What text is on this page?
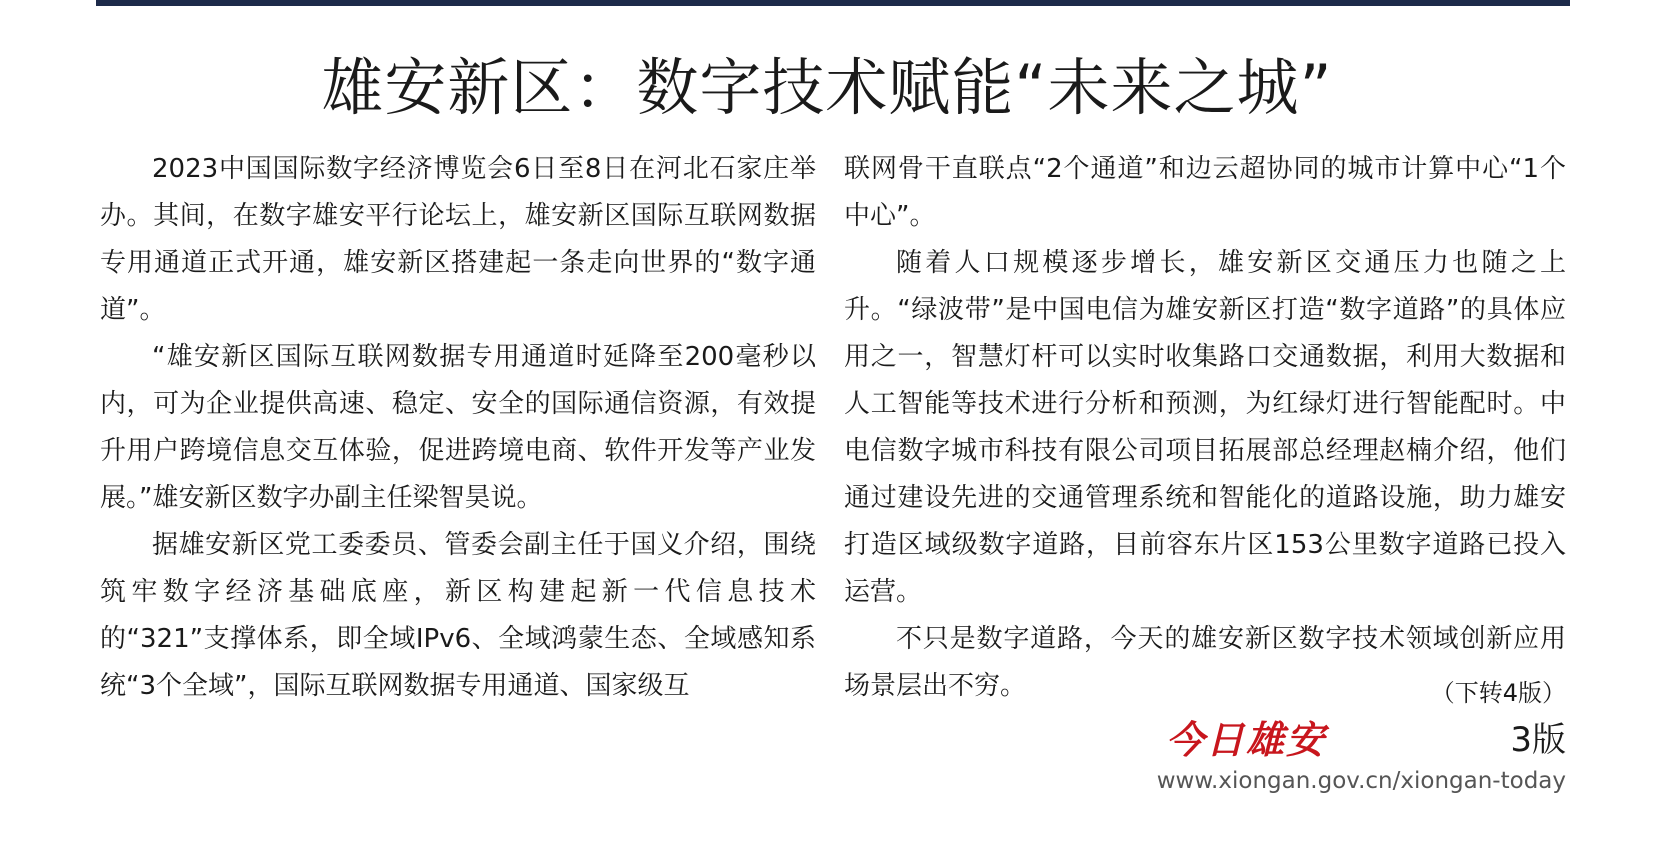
雄安新区：数字技术赋能“未来之城”

2023中国国际数字经济博览会6日至8日在河北石家庄举办。其间，在数字雄安平行论坛上，雄安新区国际互联网数据专用通道正式开通，雄安新区搭建起一条走向世界的“数字通道”。

“雄安新区国际互联网数据专用通道时延降至200毫秒以内，可为企业提供高速、稳定、安全的国际通信资源，有效提升用户跨境信息交互体验，促进跨境电商、软件开发等产业发展。”雄安新区数字办副主任梁智昊说。

据雄安新区党工委委员、管委会副主任于国义介绍，围绕筑牢数字经济基础底座，新区构建起新一代信息技术的“321”支撑体系，即全域IPv6、全域鸿蒙生态、全域感知系统“3个全域”，国际互联网数据专用通道、国家级互

联网骨干直联点“2个通道”和边云超协同的城市计算中心“1个中心”。

随着人口规模逐步增长，雄安新区交通压力也随之上升。“绿波带”是中国电信为雄安新区打造“数字道路”的具体应用之一，智慧灯杆可以实时收集路口交通数据，利用大数据和人工智能等技术进行分析和预测，为红绿灯进行智能配时。中电信数字城市科技有限公司项目拓展部总经理赵楠介绍，他们通过建设先进的交通管理系统和智能化的道路设施，助力雄安打造区域级数字道路，目前容东片区153公里数字道路已投入运营。

不只是数字道路，今天的雄安新区数字技术领域创新应用场景层出不穷。	（下转4版）
今日雄安	3版
www.xiongan.gov.cn/xiongan-today
